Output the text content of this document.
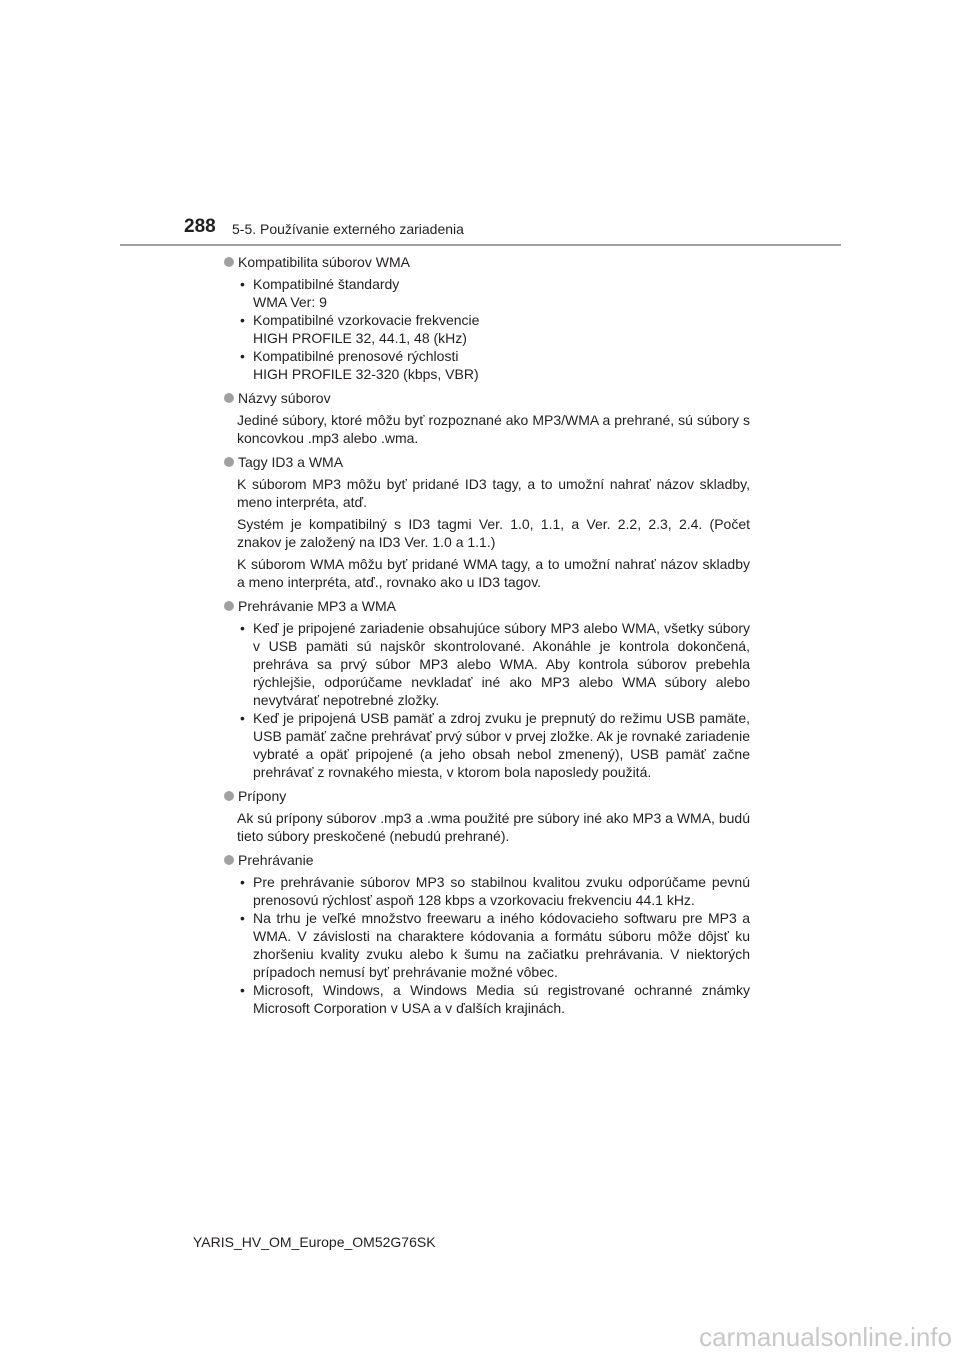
288 5-5. Používanie externého zariadenia
Kompatibilita súborov WMA
• Kompatibilné štandardy
WMA Ver: 9
• Kompatibilné vzorkovacie frekvencie
HIGH PROFILE 32, 44.1, 48 (kHz)
• Kompatibilné prenosové rýchlosti
HIGH PROFILE 32-320 (kbps, VBR)
Názvy súborov

Jediné súbory, ktoré môžu byť rozpoznané ako MP3/WMA a prehrané, sú súbory s koncovkou .mp3 alebo .wma.

Tagy ID3 a WMA

K súborom MP3 môžu byť pridané ID3 tagy, a to umožní nahrať názov skladby, meno interpréta, atď.

Systém je kompatibilný s ID3 tagmi Ver. 1.0, 1.1, a Ver. 2.2, 2.3, 2.4. (Počet znakov je založený na ID3 Ver. 1.0 a 1.1.)

K súborom WMA môžu byť pridané WMA tagy, a to umožní nahrať názov skladby a meno interpréta, atď., rovnako ako u ID3 tagov.

Prehrávanie MP3 a WMA
• Keď je pripojené zariadenie obsahujúce súbory MP3 alebo WMA, všetky súbory v USB pamäti sú najskôr skontrolované. Akonáhle je kontrola dokončená, prehráva sa prvý súbor MP3 alebo WMA. Aby kontrola súborov prebehla rýchlejšie, odporúčame nevkladať iné ako MP3 alebo WMA súbory alebo nevytvárať nepotrebné zložky.
• Keď je pripojená USB pamäť a zdroj zvuku je prepnutý do režimu USB pamäte, USB pamäť začne prehrávať prvý súbor v prvej zložke. Ak je rovnaké zariadenie vybraté a opäť pripojené (a jeho obsah nebol zmenený), USB pamäť začne prehrávať z rovnakého miesta, v ktorom bola naposledy použitá.
Prípony

Ak sú prípony súborov .mp3 a .wma použité pre súbory iné ako MP3 a WMA, budú tieto súbory preskočené (nebudú prehrané).

Prehrávanie
• Pre prehrávanie súborov MP3 so stabilnou kvalitou zvuku odporúčame pevnú prenosovú rýchlosť aspoň 128 kbps a vzorkovaciu frekvenciu 44.1 kHz.
• Na trhu je veľké množstvo freewaru a iného kódovacieho softwaru pre MP3 a WMA. V závislosti na charaktere kódovania a formátu súboru môže dôjsť ku zhoršeniu kvality zvuku alebo k šumu na začiatku prehrávania. V niektorých prípadoch nemusí byť prehrávanie možné vôbec.
• Microsoft, Windows, a Windows Media sú registrované ochranné známky Microsoft Corporation v USA a v ďalších krajinách.
YARIS_HV_OM_Europe_OM52G76SK
carmanualsonline.info
